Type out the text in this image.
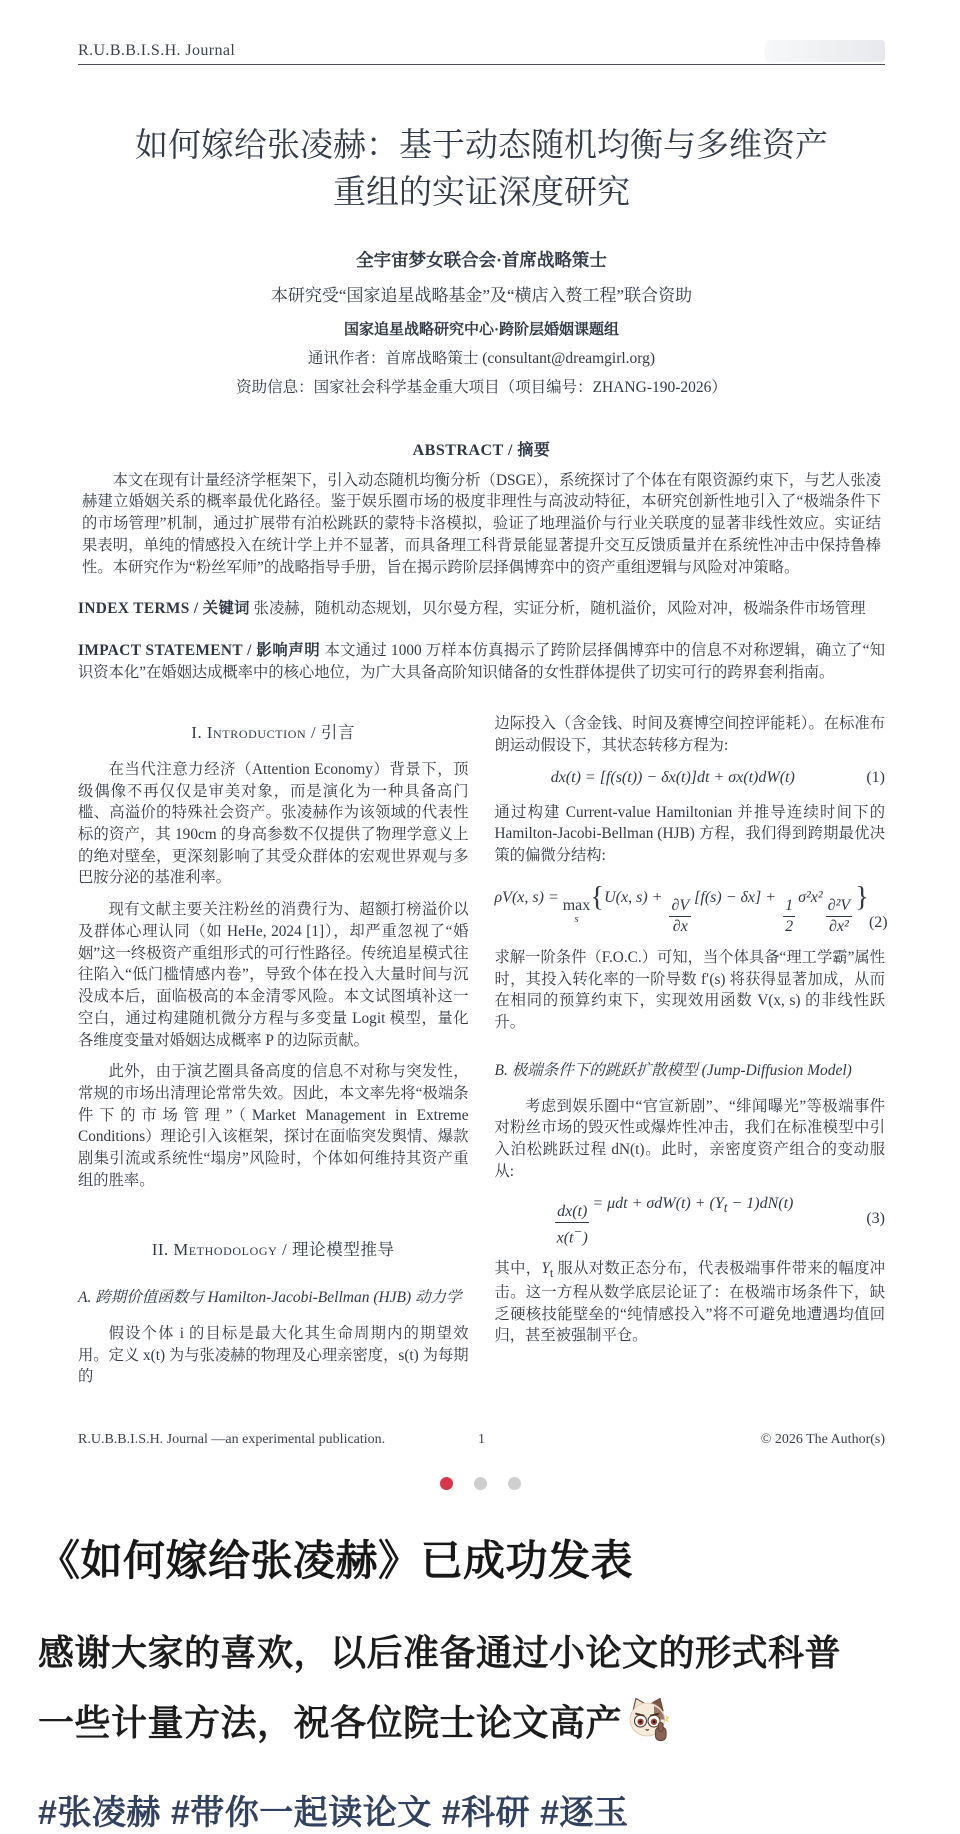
R.U.B.B.I.S.H. Journal
如何嫁给张凌赫：基于动态随机均衡与多维资产
重组的实证深度研究
全宇宙梦女联合会·首席战略策士
本研究受“国家追星战略基金”及“横店入赘工程”联合资助
国家追星战略研究中心·跨阶层婚姻课题组
通讯作者：首席战略策士 (consultant@dreamgirl.org)
资助信息：国家社会科学基金重大项目（项目编号：ZHANG-190-2026）
ABSTRACT / 摘要

本文在现有计量经济学框架下，引入动态随机均衡分析（DSGE），系统探讨了个体在有限资源约束下，与艺人张凌赫建立婚姻关系的概率最优化路径。鉴于娱乐圈市场的极度非理性与高波动特征，本研究创新性地引入了“极端条件下的市场管理”机制，通过扩展带有泊松跳跃的蒙特卡洛模拟，验证了地理溢价与行业关联度的显著非线性效应。实证结果表明，单纯的情感投入在统计学上并不显著，而具备理工科背景能显著提升交互反馈质量并在系统性冲击中保持鲁棒性。本研究作为“粉丝军师”的战略指导手册，旨在揭示跨阶层择偶博弈中的资产重组逻辑与风险对冲策略。

INDEX TERMS / 关键词 张凌赫，随机动态规划，贝尔曼方程，实证分析，随机溢价，风险对冲，极端条件市场管理

IMPACT STATEMENT / 影响声明 本文通过 1000 万样本仿真揭示了跨阶层择偶博弈中的信息不对称逻辑，确立了“知识资本化”在婚姻达成概率中的核心地位，为广大具备高阶知识储备的女性群体提供了切实可行的跨界套利指南。

I. Introduction / 引言

在当代注意力经济（Attention Economy）背景下，顶级偶像不再仅仅是审美对象，而是演化为一种具备高门槛、高溢价的特殊社会资产。张凌赫作为该领域的代表性标的资产，其 190cm 的身高参数不仅提供了物理学意义上的绝对壁垒，更深刻影响了其受众群体的宏观世界观与多巴胺分泌的基准利率。

现有文献主要关注粉丝的消费行为、超额打榜溢价以及群体心理认同（如 HeHe, 2024 [1]），却严重忽视了“婚姻”这一终极资产重组形式的可行性路径。传统追星模式往往陷入“低门槛情感内卷”，导致个体在投入大量时间与沉没成本后，面临极高的本金清零风险。本文试图填补这一空白，通过构建随机微分方程与多变量 Logit 模型，量化各维度变量对婚姻达成概率 P 的边际贡献。

此外，由于演艺圈具备高度的信息不对称与突发性，常规的市场出清理论常常失效。因此，本文率先将“极端条件下的市场管理”（Market Management in Extreme Conditions）理论引入该框架，探讨在面临突发舆情、爆款剧集引流或系统性“塌房”风险时，个体如何维持其资产重组的胜率。

II. Methodology / 理论模型推导
A. 跨期价值函数与 Hamilton-Jacobi-Bellman (HJB) 动力学

假设个体 i 的目标是最大化其生命周期内的期望效用。定义 x(t) 为与张凌赫的物理及心理亲密度，s(t) 为每期的

边际投入（含金钱、时间及赛博空间控评能耗）。在标准布朗运动假设下，其状态转移方程为:

dx(t) = [f(s(t)) − δx(t)]dt + σx(t)dW(t)	(1)

通过构建 Current-value Hamiltonian 并推导连续时间下的 Hamilton-Jacobi-Bellman (HJB) 方程，我们得到跨期最优决策的偏微分结构:

ρV(x, s) = max
s
{U(x, s) +
$\frac{\partial V}{\partial x}$
[f(s) − δx] +
$\frac{1}{2}$
σ²x²
$\frac{\text{∂²V}}{\text{∂x²}}$
}
(2)

求解一阶条件（F.O.C.）可知，当个体具备“理工学霸”属性时，其投入转化率的一阶导数 f′(s) 将获得显著加成，从而在相同的预算约束下，实现效用函数 V(x, s) 的非线性跃升。

B. 极端条件下的跳跃扩散模型 (Jump-Diffusion Model)

考虑到娱乐圈中“官宣新剧”、“绯闻曝光”等极端事件对粉丝市场的毁灭性或爆炸性冲击，我们在标准模型中引入泊松跳跃过程 dN(t)。此时，亲密度资产组合的变动服从:

$\frac{dx(t)}{x(t^-)}$
= $\mu dt + \sigma dW(t) + (Y_t - 1)dN(t)$
(3)

其中，$Y_t$ 服从对数正态分布，代表极端事件带来的幅度冲击。这一方程从数学底层论证了：在极端市场条件下，缺乏硬核技能壁垒的“纯情感投入”将不可避免地遭遇均值回归，甚至被强制平仓。

R.U.B.B.I.S.H. Journal —an experimental publication.	1	© 2026 The Author(s)
《如何嫁给张凌赫》已成功发表
感谢大家的喜欢，以后准备通过小论文的形式科普
一些计量方法，祝各位院士论文高产
#张凌赫 #带你一起读论文 #科研 #逐玉
